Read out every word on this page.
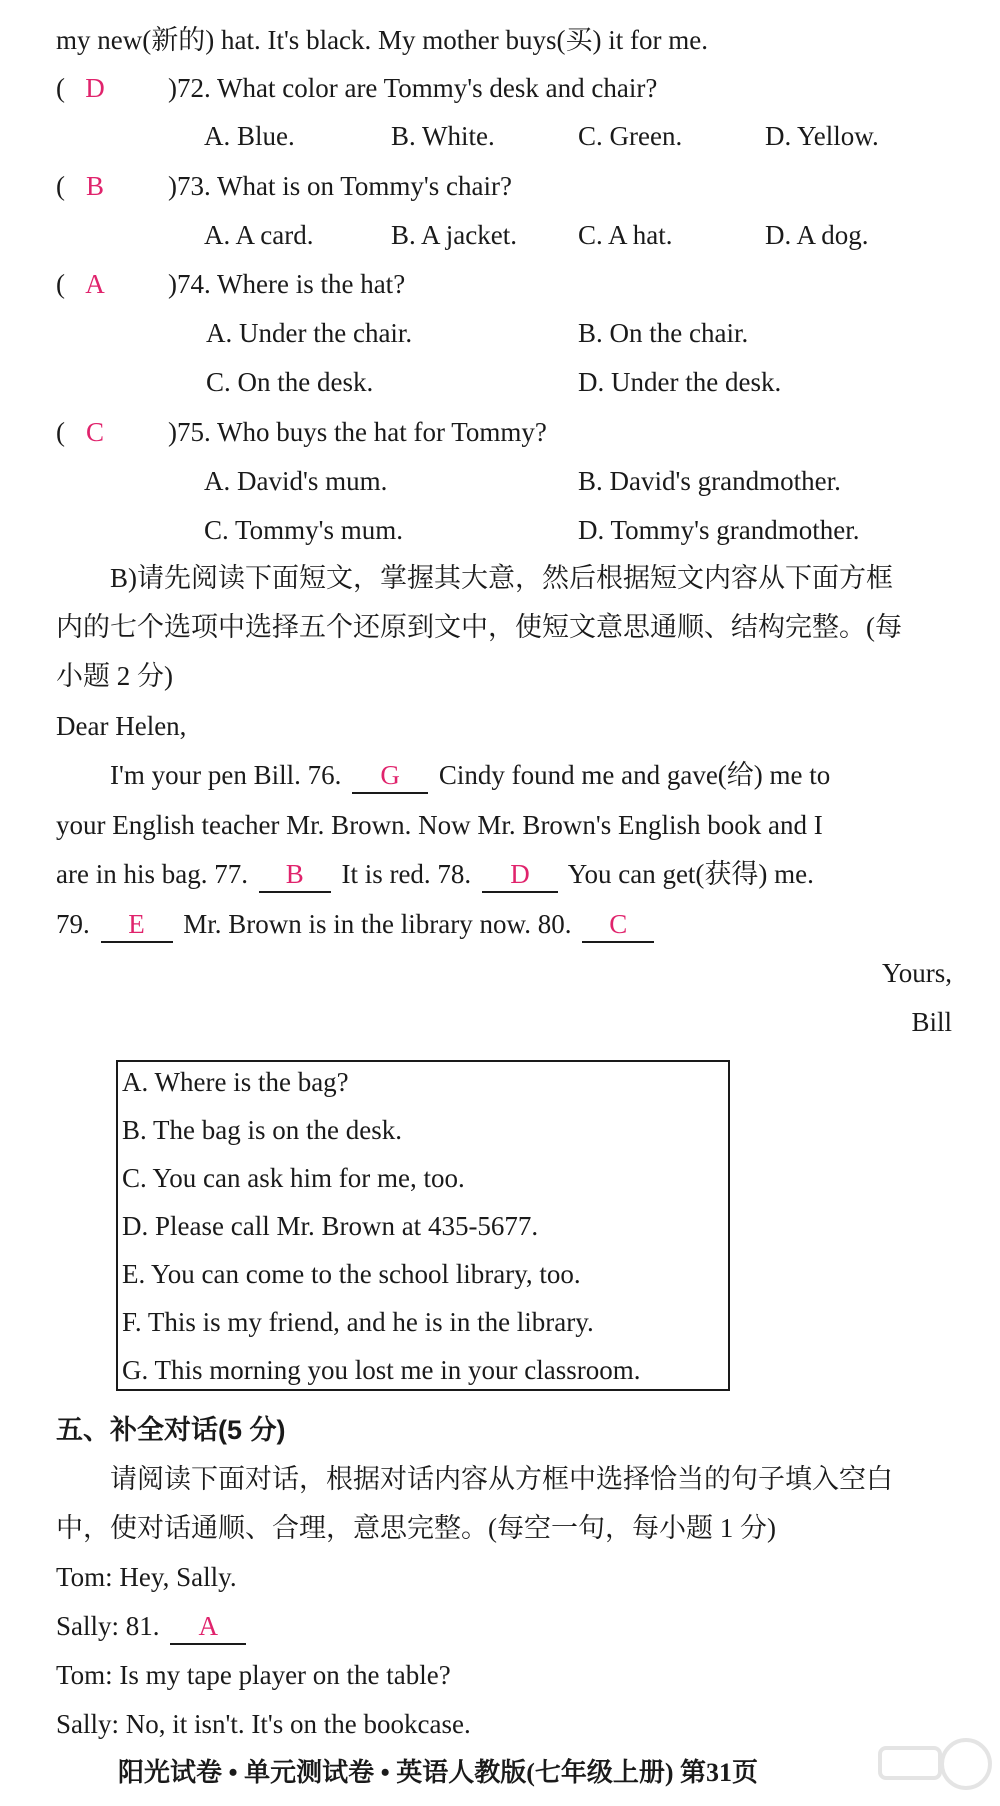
my new(新的) hat. It's black. My mother buys(买) it for me.
( D )72. What color are Tommy's desk and chair?
A. Blue.	B. White.	C. Green.	D. Yellow.
( B )73. What is on Tommy's chair?
A. A card.	B. A jacket. C. A hat.	D. A dog.
( A )74. Where is the hat?
A. Under the chair.	B. On the chair.
C. On the desk.	D. Under the desk.
( C )75. Who buys the hat for Tommy?
A. David's mum.	B. David's grandmother.
C. Tommy's mum.	D. Tommy's grandmother.
B)请先阅读下面短文，掌握其大意，然后根据短文内容从下面方框
内的七个选项中选择五个还原到文中，使短文意思通顺、结构完整。(每
小题 2 分)
Dear Helen,
I'm your pen Bill. 76. G Cindy found me and gave(给) me to
your English teacher Mr. Brown. Now Mr. Brown's English book and I
are in his bag. 77. B It is red. 78. D You can get(获得) me.
79. E Mr. Brown is in the library now. 80. C
Yours,
Bill
A. Where is the bag?
B. The bag is on the desk.
C. You can ask him for me, too.
D. Please call Mr. Brown at 435-5677.
E. You can come to the school library, too.
F. This is my friend, and he is in the library.
G. This morning you lost me in your classroom.
五、补全对话(5 分)
请阅读下面对话，根据对话内容从方框中选择恰当的句子填入空白
中，使对话通顺、合理，意思完整。(每空一句，每小题 1 分)
Tom: Hey, Sally.
Sally: 81. A
Tom: Is my tape player on the table?
Sally: No, it isn't. It's on the bookcase.
阳光试卷 • 单元测试卷 • 英语人教版(七年级上册) 第31页
